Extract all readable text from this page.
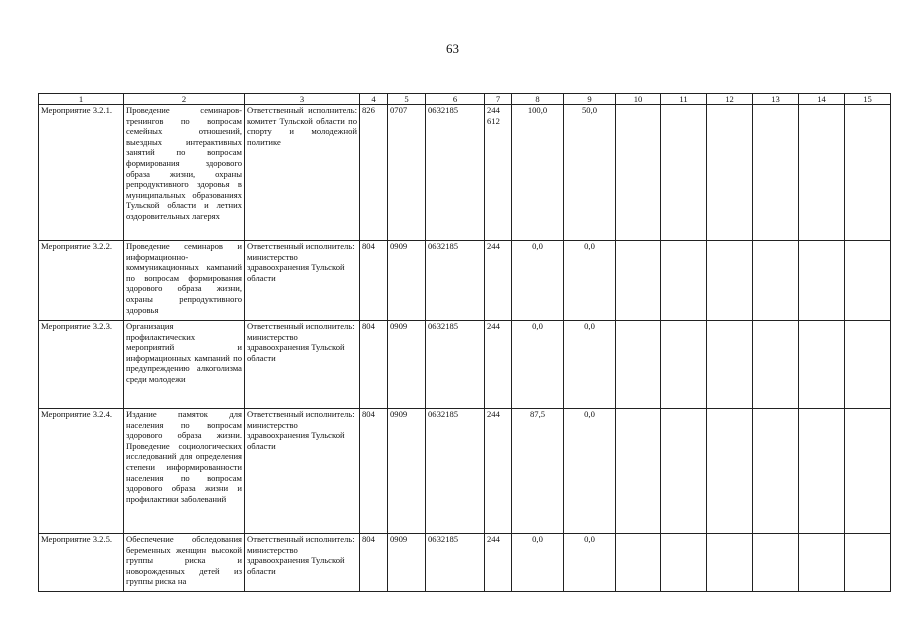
63
1	2	3	4	5	6	7	8	9	10	11	12	13	14	15
Мероприятие 3.2.1.	Проведение семинаров-тренингов по вопросам семейных отношений, выездных интерактивных занятий по вопросам формирования здорового образа жизни, охраны репродуктивного здоровья в муниципальных образованиях Тульской области и летних оздоровительных лагерях	Ответственный исполнитель: комитет Тульской области по спорту и молодежной политике	826	0707	0632185	244 612	100,0	50,0						
Мероприятие 3.2.2.	Проведение семинаров и информационно-коммуникационных кампаний по вопросам формирования здорового образа жизни, охраны репродуктивного здоровья	Ответственный исполнитель: министерство здравоохранения Тульской области	804	0909	0632185	244	0,0	0,0						
Мероприятие 3.2.3.	Организация профилактических мероприятий и информационных кампаний по предупреждению алкоголизма среди молодежи	Ответственный исполнитель: министерство здравоохранения Тульской области	804	0909	0632185	244	0,0	0,0						
Мероприятие 3.2.4.	Издание памяток для населения по вопросам здорового образа жизни. Проведение социологических исследований для определения степени информированности населения по вопросам здорового образа жизни и профилактики заболеваний	Ответственный исполнитель: министерство здравоохранения Тульской области	804	0909	0632185	244	87,5	0,0						
Мероприятие 3.2.5.	Обеспечение обследования беременных женщин высокой группы риска и новорожденных детей из группы риска на	Ответственный исполнитель: министерство здравоохранения Тульской области	804	0909	0632185	244	0,0	0,0						
